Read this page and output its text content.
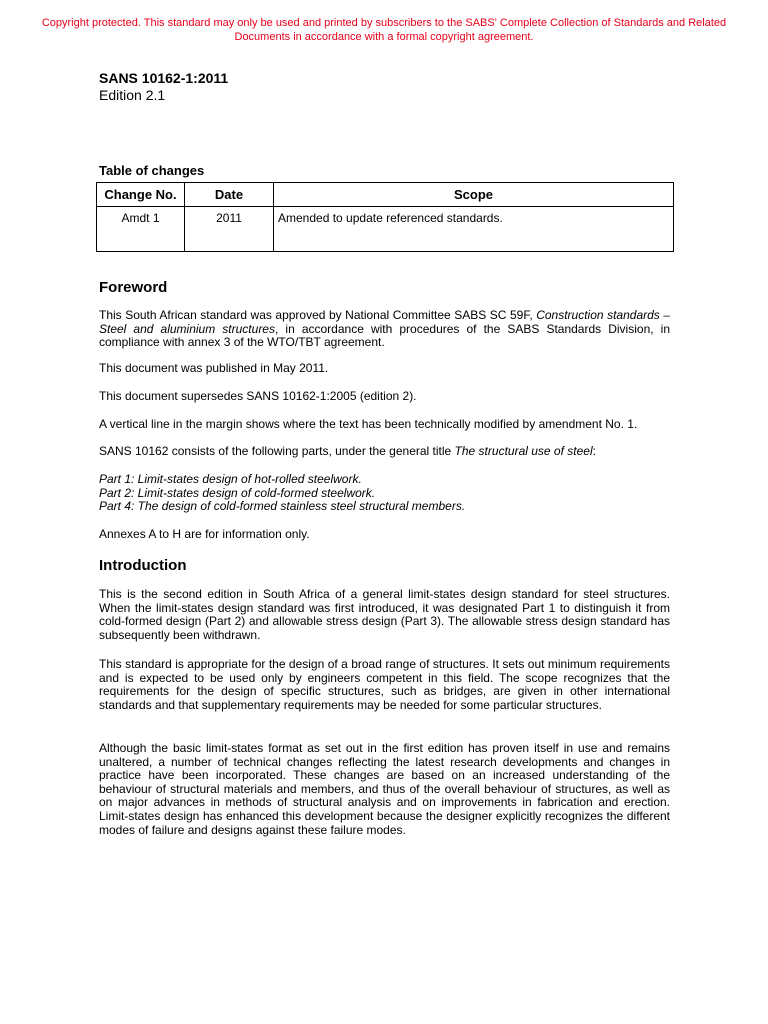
Copyright protected. This standard may only be used and printed by subscribers to the SABS' Complete Collection of Standards and Related Documents in accordance with a formal copyright agreement.
SANS 10162-1:2011
Edition 2.1
Table of changes
Change No.	Date	Scope
Amdt 1	2011	Amended to update referenced standards.
Foreword

This South African standard was approved by National Committee SABS SC 59F, Construction standards – Steel and aluminium structures, in accordance with procedures of the SABS Standards Division, in compliance with annex 3 of the WTO/TBT agreement.

This document was published in May 2011.

This document supersedes SANS 10162-1:2005 (edition 2).

A vertical line in the margin shows where the text has been technically modified by amendment No. 1.

SANS 10162 consists of the following parts, under the general title The structural use of steel:

Part 1: Limit-states design of hot-rolled steelwork.

Part 2: Limit-states design of cold-formed steelwork.

Part 4: The design of cold-formed stainless steel structural members.

Annexes A to H are for information only.

Introduction

This is the second edition in South Africa of a general limit-states design standard for steel structures. When the limit-states design standard was first introduced, it was designated Part 1 to distinguish it from cold-formed design (Part 2) and allowable stress design (Part 3). The allowable stress design standard has subsequently been withdrawn.

This standard is appropriate for the design of a broad range of structures. It sets out minimum requirements and is expected to be used only by engineers competent in this field. The scope recognizes that the requirements for the design of specific structures, such as bridges, are given in other international standards and that supplementary requirements may be needed for some particular structures.

Although the basic limit-states format as set out in the first edition has proven itself in use and remains unaltered, a number of technical changes reflecting the latest research developments and changes in practice have been incorporated. These changes are based on an increased understanding of the behaviour of structural materials and members, and thus of the overall behaviour of structures, as well as on major advances in methods of structural analysis and on improvements in fabrication and erection. Limit-states design has enhanced this development because the designer explicitly recognizes the different modes of failure and designs against these failure modes.
